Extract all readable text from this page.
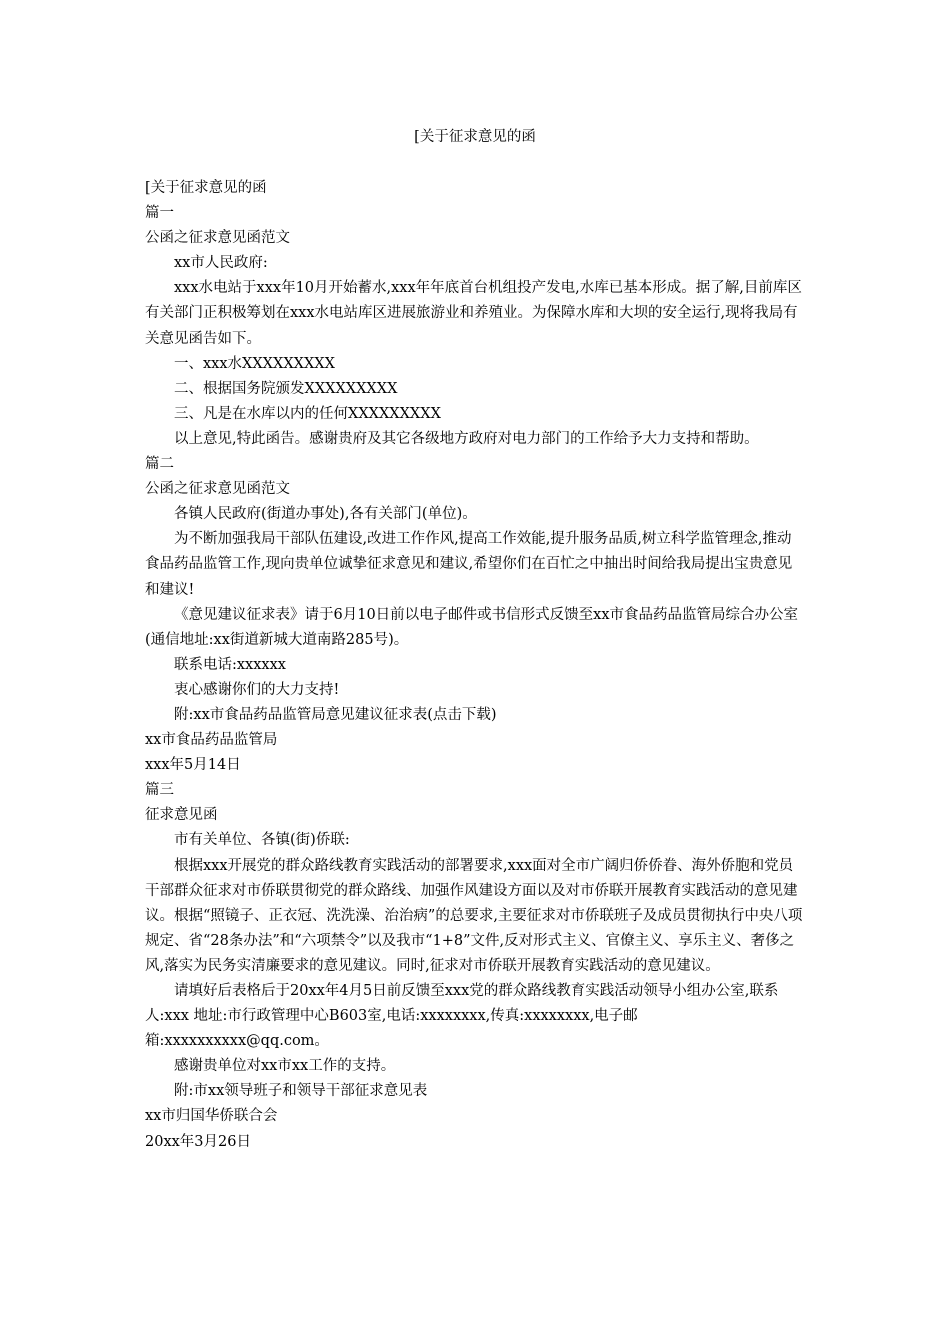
[关于征求意见的函

[关于征求意见的函

篇一

公函之征求意见函范文

xx市人民政府:

xxx水电站于xxx年10月开始蓄水,xxx年年底首台机组投产发电,水库已基本形成。据了解,目前库区有关部门正积极筹划在xxx水电站库区进展旅游业和养殖业。为保障水库和大坝的安全运行,现将我局有关意见函告如下。

一、xxx水XXXXXXXXX

二、根据国务院颁发XXXXXXXXX

三、凡是在水库以内的任何XXXXXXXXX

以上意见,特此函告。感谢贵府及其它各级地方政府对电力部门的工作给予大力支持和帮助。

篇二

公函之征求意见函范文

各镇人民政府(街道办事处),各有关部门(单位)。

为不断加强我局干部队伍建设,改进工作作风,提高工作效能,提升服务品质,树立科学监管理念,推动食品药品监管工作,现向贵单位诚挚征求意见和建议,希望你们在百忙之中抽出时间给我局提出宝贵意见和建议!

《意见建议征求表》请于6月10日前以电子邮件或书信形式反馈至xx市食品药品监管局综合办公室(通信地址:xx街道新城大道南路285号)。

联系电话:xxxxxx

衷心感谢你们的大力支持!

附:xx市食品药品监管局意见建议征求表(点击下载)

xx市食品药品监管局

xxx年5月14日

篇三

征求意见函

市有关单位、各镇(街)侨联:

根据xxx开展党的群众路线教育实践活动的部署要求,xxx面对全市广阔归侨侨眷、海外侨胞和党员干部群众征求对市侨联贯彻党的群众路线、加强作风建设方面以及对市侨联开展教育实践活动的意见建议。根据“照镜子、正衣冠、洗洗澡、治治病”的总要求,主要征求对市侨联班子及成员贯彻执行中央八项规定、省“28条办法”和“六项禁令”以及我市“1+8”文件,反对形式主义、官僚主义、享乐主义、奢侈之风,落实为民务实清廉要求的意见建议。同时,征求对市侨联开展教育实践活动的意见建议。

请填好后表格后于20xx年4月5日前反馈至xxx党的群众路线教育实践活动领导小组办公室,联系人:xxx 地址:市行政管理中心B603室,电话:xxxxxxxx,传真:xxxxxxxx,电子邮箱:xxxxxxxxxx@qq.com。

感谢贵单位对xx市xx工作的支持。

附:市xx领导班子和领导干部征求意见表

xx市归国华侨联合会

20xx年3月26日
